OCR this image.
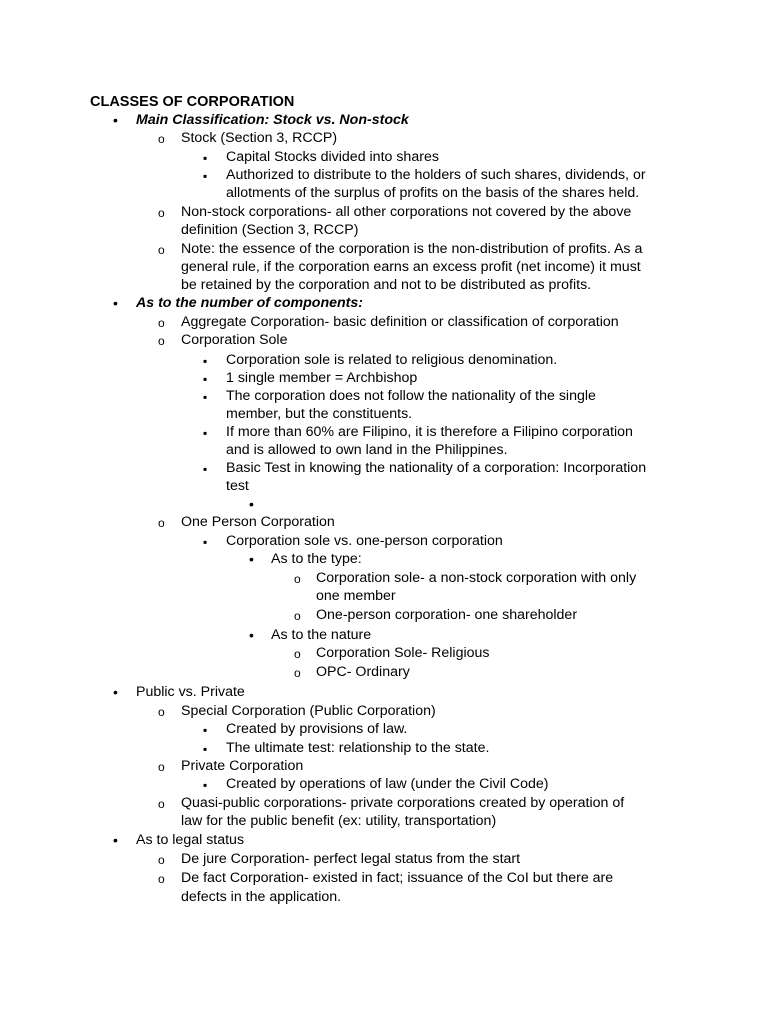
CLASSES OF CORPORATION
•
Main Classification: Stock vs. Non-stock
o
Stock (Section 3, RCCP)
▪
Capital Stocks divided into shares
▪
Authorized to distribute to the holders of such shares, dividends, or
allotments of the surplus of profits on the basis of the shares held.
o
Non-stock corporations- all other corporations not covered by the above
definition (Section 3, RCCP)
o
Note: the essence of the corporation is the non-distribution of profits. As a
general rule, if the corporation earns an excess profit (net income) it must
be retained by the corporation and not to be distributed as profits.
•
As to the number of components:
o
Aggregate Corporation- basic definition or classification of corporation
o
Corporation Sole
▪
Corporation sole is related to religious denomination.
▪
1 single member = Archbishop
▪
The corporation does not follow the nationality of the single
member, but the constituents.
▪
If more than 60% are Filipino, it is therefore a Filipino corporation
and is allowed to own land in the Philippines.
▪
Basic Test in knowing the nationality of a corporation: Incorporation
test
•
o
One Person Corporation
▪
Corporation sole vs. one-person corporation
•
As to the type:
o
Corporation sole- a non-stock corporation with only
one member
o
One-person corporation- one shareholder
•
As to the nature
o
Corporation Sole- Religious
o
OPC- Ordinary
•
Public vs. Private
o
Special Corporation (Public Corporation)
▪
Created by provisions of law.
▪
The ultimate test: relationship to the state.
o
Private Corporation
▪
Created by operations of law (under the Civil Code)
o
Quasi-public corporations- private corporations created by operation of
law for the public benefit (ex: utility, transportation)
•
As to legal status
o
De jure Corporation- perfect legal status from the start
o
De fact Corporation- existed in fact; issuance of the CoI but there are
defects in the application.
